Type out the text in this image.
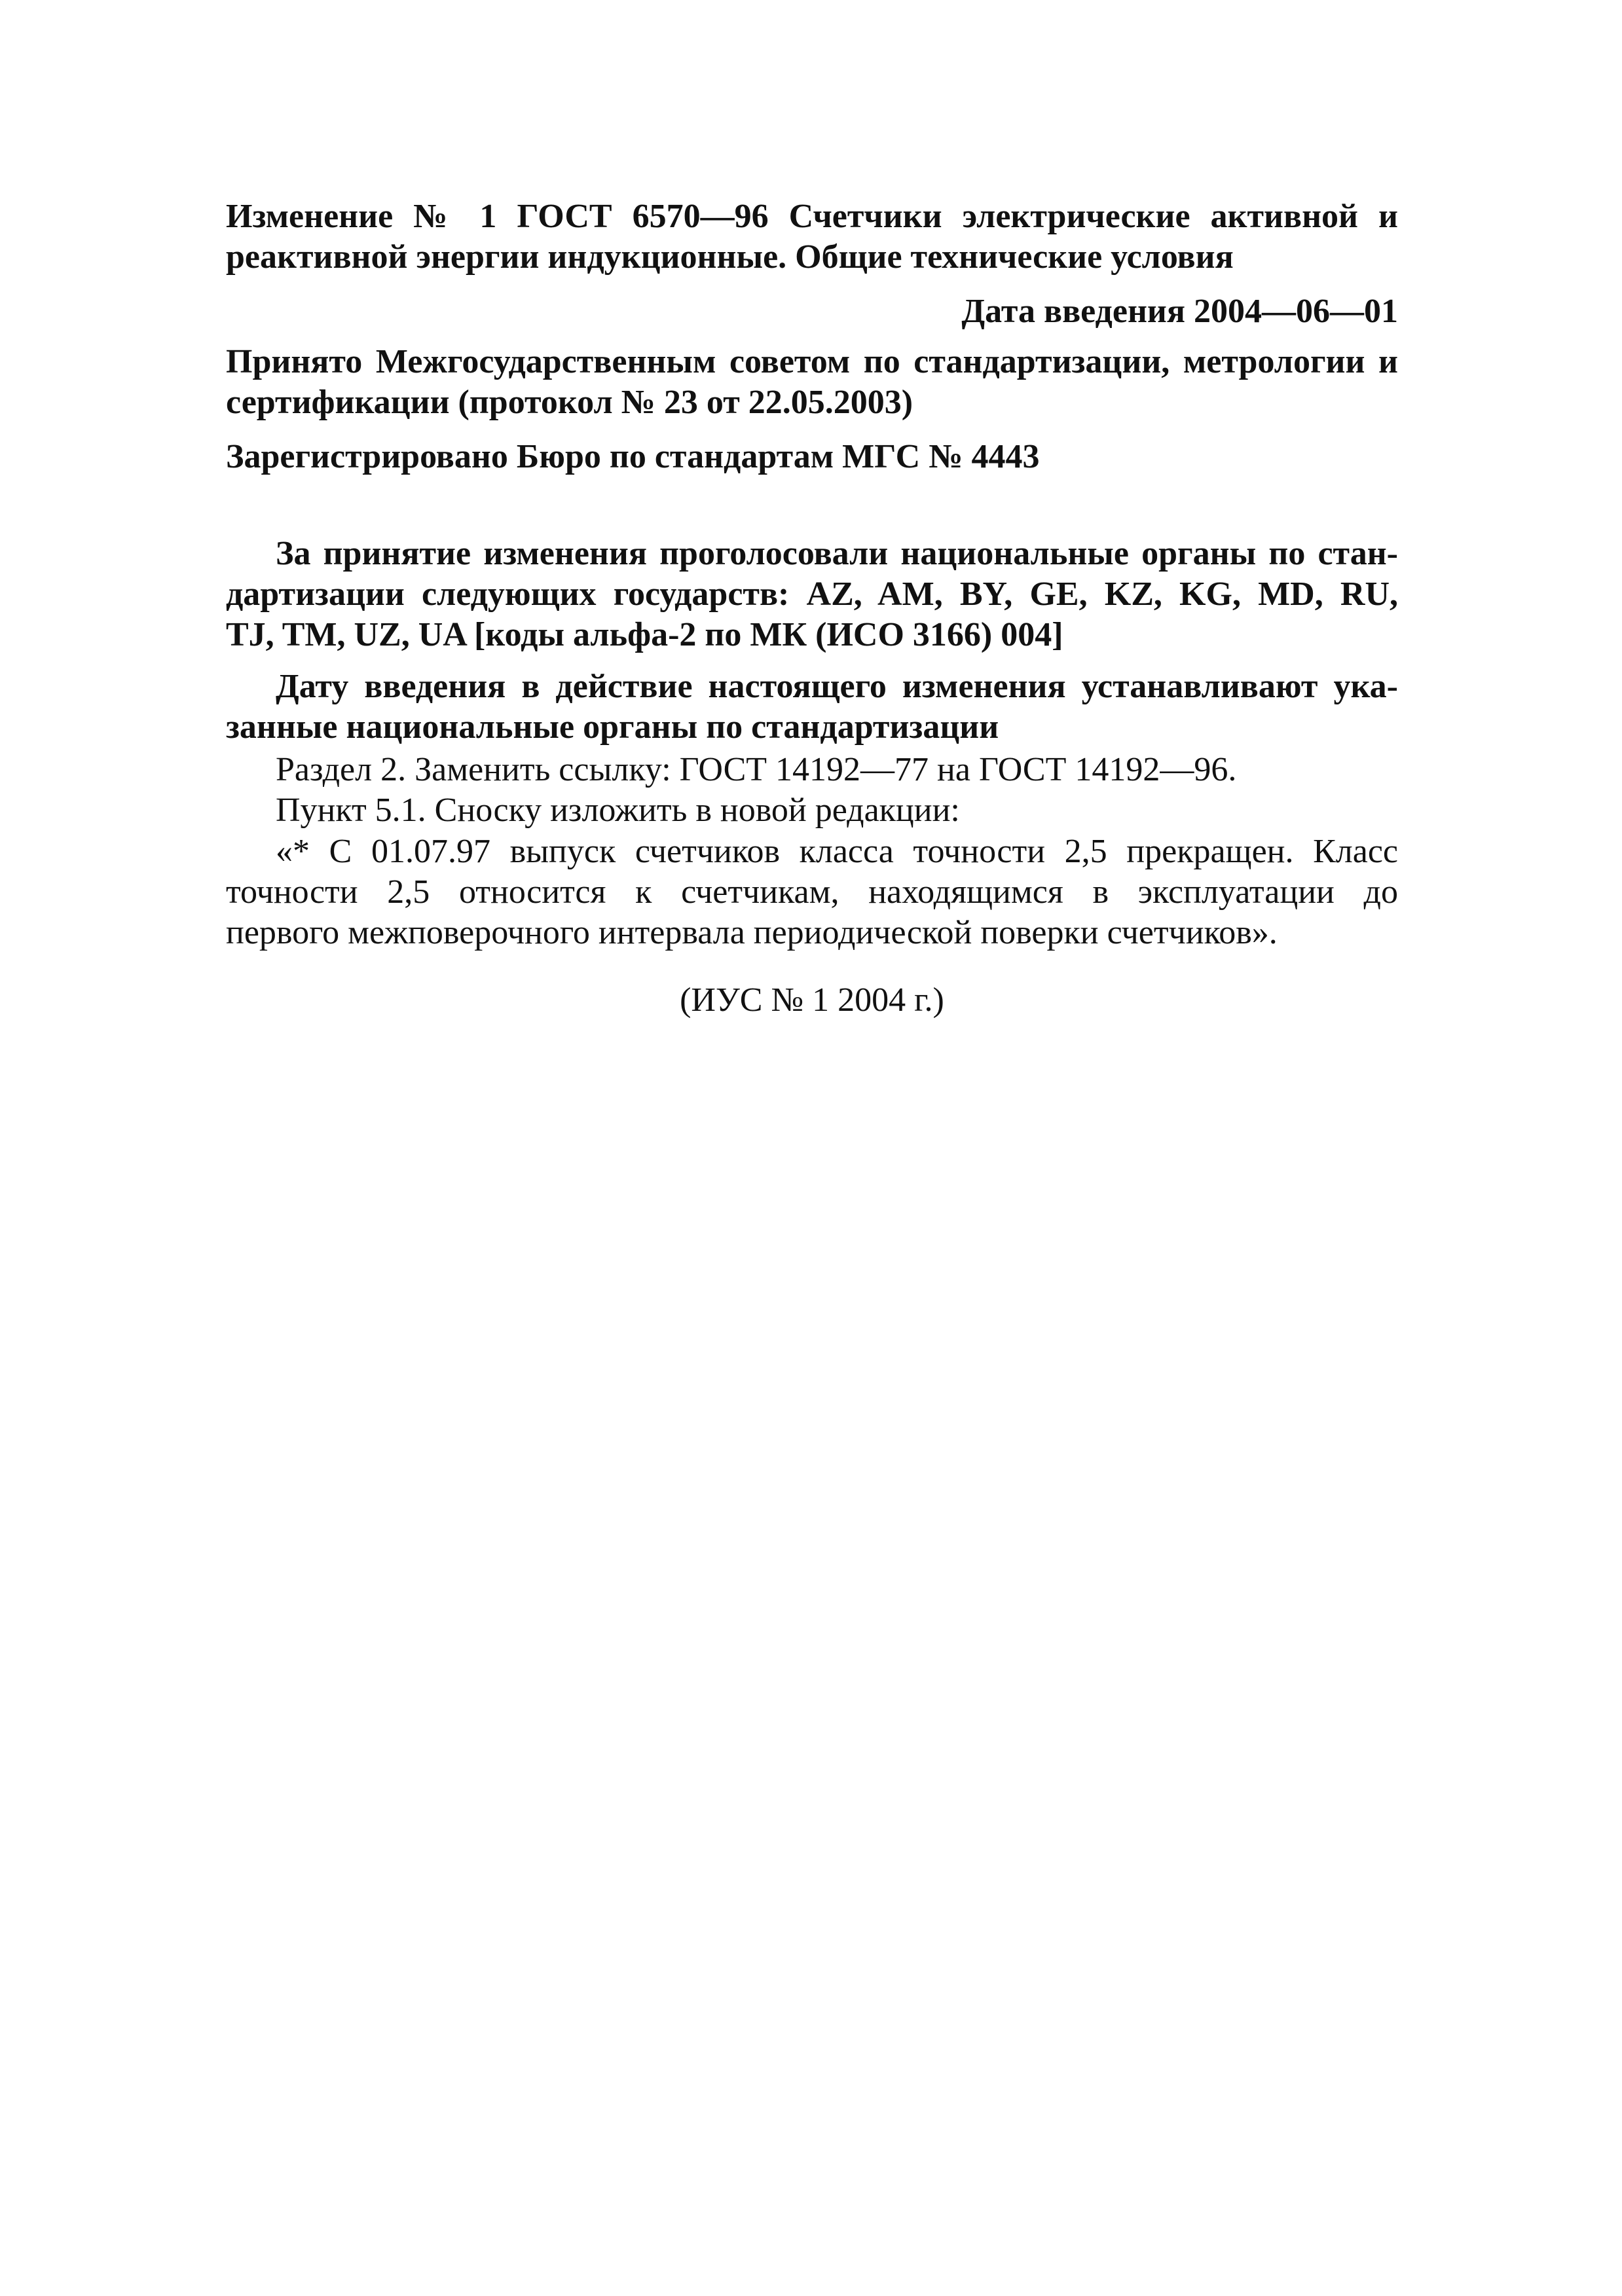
Изменение № 1 ГОСТ 6570—96 Счетчики электрические активной и
реактивной энергии индукционные. Общие технические условия
Дата введения 2004—06—01
Принято Межгосударственным советом по стандартизации, метрологии и
сертификации (протокол № 23 от 22.05.2003)
Зарегистрировано Бюро по стандартам МГС № 4443
За принятие изменения проголосовали национальные органы по стан-
дартизации следующих государств: AZ, AM, BY, GE, KZ, KG, MD, RU,
TJ, TM, UZ, UA [коды альфа-2 по МК (ИСО 3166) 004]
Дату введения в действие настоящего изменения устанавливают ука-
занные национальные органы по стандартизации
Раздел 2. Заменить ссылку: ГОСТ 14192—77 на ГОСТ 14192—96.
Пункт 5.1. Сноску изложить в новой редакции:
«* С 01.07.97 выпуск счетчиков класса точности 2,5 прекращен. Класс
точности 2,5 относится к счетчикам, находящимся в эксплуатации до
первого межповерочного интервала периодической поверки счетчиков».
(ИУС № 1 2004 г.)
